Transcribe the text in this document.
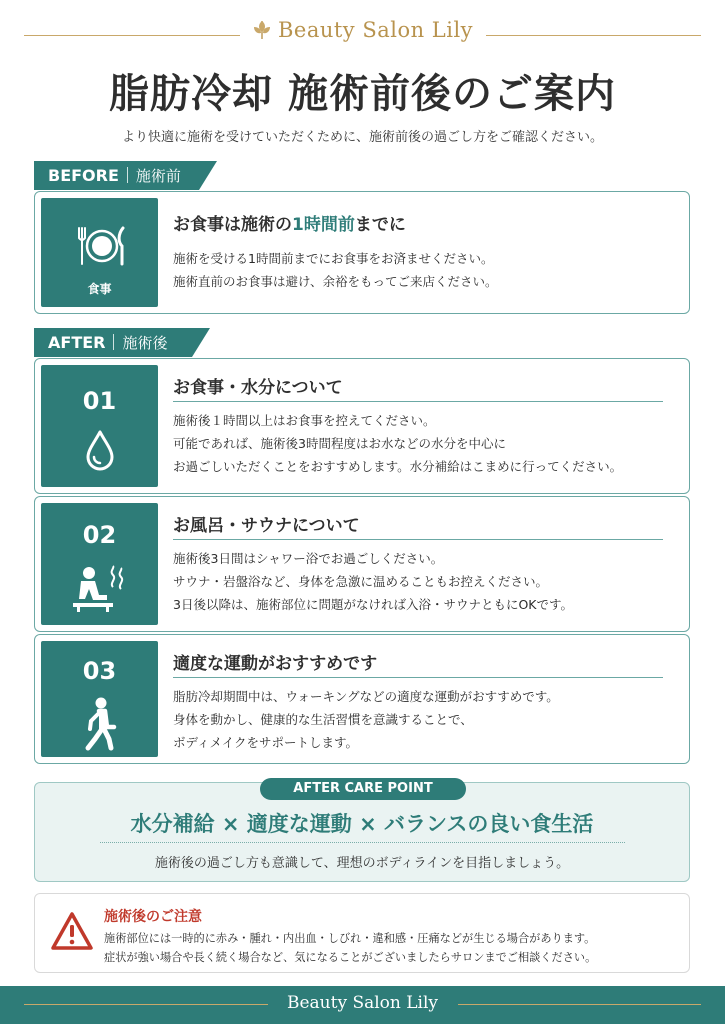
Beauty Salon Lily
脂肪冷却 施術前後のご案内
より快適に施術を受けていただくために、施術前後の過ごし方をご確認ください。
BEFORE 施術前
食事
お食事は施術の1時間前までに
施術を受ける1時間前までにお食事をお済ませください。
施術直前のお食事は避け、余裕をもってご来店ください。
AFTER 施術後
01	お食事・水分について
施術後１時間以上はお食事を控えてください。
可能であれば、施術後3時間程度はお水などの水分を中心に
お過ごしいただくことをおすすめします。水分補給はこまめに行ってください。
02	お風呂・サウナについて
施術後3日間はシャワー浴でお過ごしください。
サウナ・岩盤浴など、身体を急激に温めることもお控えください。
3日後以降は、施術部位に問題がなければ入浴・サウナともにOKです。
03	適度な運動がおすすめです
脂肪冷却期間中は、ウォーキングなどの適度な運動がおすすめです。
身体を動かし、健康的な生活習慣を意識することで、
ボディメイクをサポートします。
AFTER CARE POINT
水分補給 × 適度な運動 × バランスの良い食生活
施術後の過ごし方も意識して、理想のボディラインを目指しましょう。
施術後のご注意
施術部位には一時的に赤み・腫れ・内出血・しびれ・違和感・圧痛などが生じる場合があります。
症状が強い場合や長く続く場合など、気になることがございましたらサロンまでご相談ください。
Beauty Salon Lily
